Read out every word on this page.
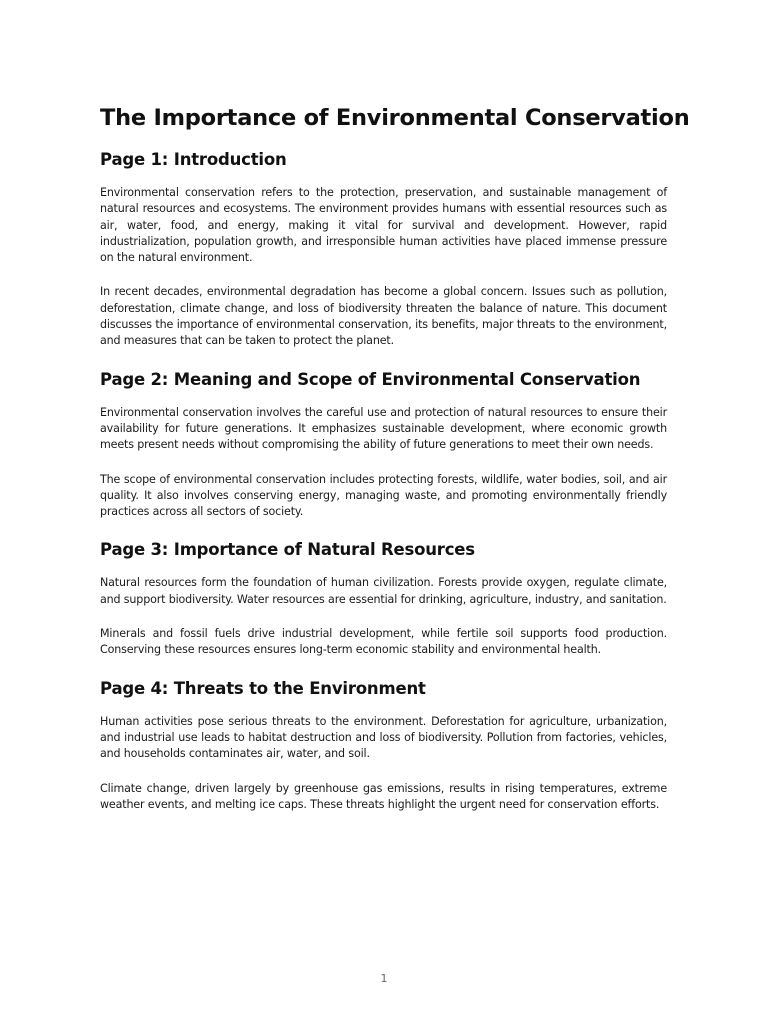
The Importance of Environmental Conservation
Page 1: Introduction

Environmental conservation refers to the protection, preservation, and sustainable management of natural resources and ecosystems. The environment provides humans with essential resources such as air, water, food, and energy, making it vital for survival and development. However, rapid industrialization, population growth, and irresponsible human activities have placed immense pressure on the natural environment.

In recent decades, environmental degradation has become a global concern. Issues such as pollution, deforestation, climate change, and loss of biodiversity threaten the balance of nature. This document discusses the importance of environmental conservation, its benefits, major threats to the environment, and measures that can be taken to protect the planet.

Page 2: Meaning and Scope of Environmental Conservation

Environmental conservation involves the careful use and protection of natural resources to ensure their availability for future generations. It emphasizes sustainable development, where economic growth meets present needs without compromising the ability of future generations to meet their own needs.

The scope of environmental conservation includes protecting forests, wildlife, water bodies, soil, and air quality. It also involves conserving energy, managing waste, and promoting environmentally friendly practices across all sectors of society.

Page 3: Importance of Natural Resources

Natural resources form the foundation of human civilization. Forests provide oxygen, regulate climate, and support biodiversity. Water resources are essential for drinking, agriculture, industry, and sanitation.

Minerals and fossil fuels drive industrial development, while fertile soil supports food production. Conserving these resources ensures long-term economic stability and environmental health.

Page 4: Threats to the Environment

Human activities pose serious threats to the environment. Deforestation for agriculture, urbanization, and industrial use leads to habitat destruction and loss of biodiversity. Pollution from factories, vehicles, and households contaminates air, water, and soil.

Climate change, driven largely by greenhouse gas emissions, results in rising temperatures, extreme weather events, and melting ice caps. These threats highlight the urgent need for conservation efforts.

1
